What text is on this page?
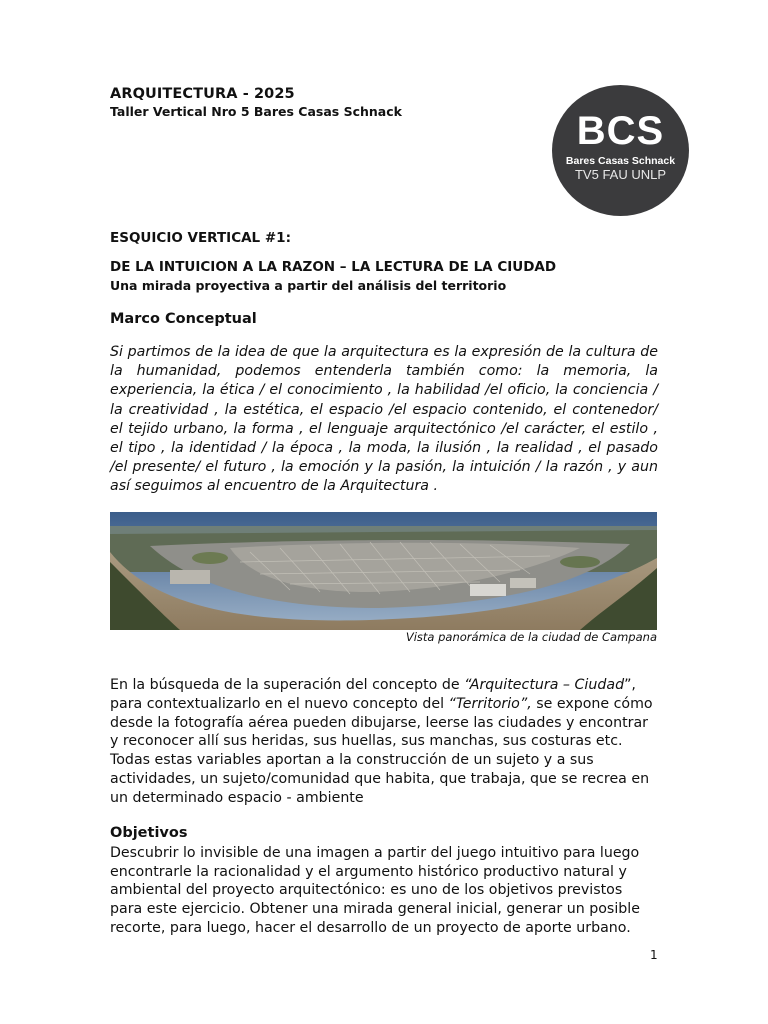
ARQUITECTURA - 2025
Taller Vertical Nro 5 Bares Casas Schnack	BCS
Bares Casas Schnack
TV5 FAU UNLP
ESQUICIO VERTICAL #1:
DE LA INTUICION A LA RAZON – LA LECTURA DE LA CIUDAD
Una mirada proyectiva a partir del análisis del territorio
Marco Conceptual
Si partimos de la idea de que la arquitectura es la expresión de la cultura de la humanidad, podemos entenderla también como: la memoria, la experiencia, la ética / el conocimiento , la habilidad /el oficio, la conciencia / la creatividad , la estética, el espacio /el espacio contenido, el contenedor/ el tejido urbano, la forma , el lenguaje arquitectónico /el carácter, el estilo , el tipo , la identidad / la época , la moda, la ilusión , la realidad , el pasado /el presente/ el futuro , la emoción y la pasión, la intuición / la razón , y aun así seguimos al encuentro de la Arquitectura .
Vista panorámica de la ciudad de Campana
En la búsqueda de la superación del concepto de “Arquitectura – Ciudad”, para contextualizarlo en el nuevo concepto del “Territorio”, se expone cómo desde la fotografía aérea pueden dibujarse, leerse las ciudades y encontrar y reconocer allí sus heridas, sus huellas, sus manchas, sus costuras etc. Todas estas variables aportan a la construcción de un sujeto y a sus actividades, un sujeto/comunidad que habita, que trabaja, que se recrea en un determinado espacio - ambiente
Objetivos
Descubrir lo invisible de una imagen a partir del juego intuitivo para luego encontrarle la racionalidad y el argumento histórico productivo natural y ambiental del proyecto arquitectónico: es uno de los objetivos previstos para este ejercicio. Obtener una mirada general inicial, generar un posible recorte, para luego, hacer el desarrollo de un proyecto de aporte urbano.
1
